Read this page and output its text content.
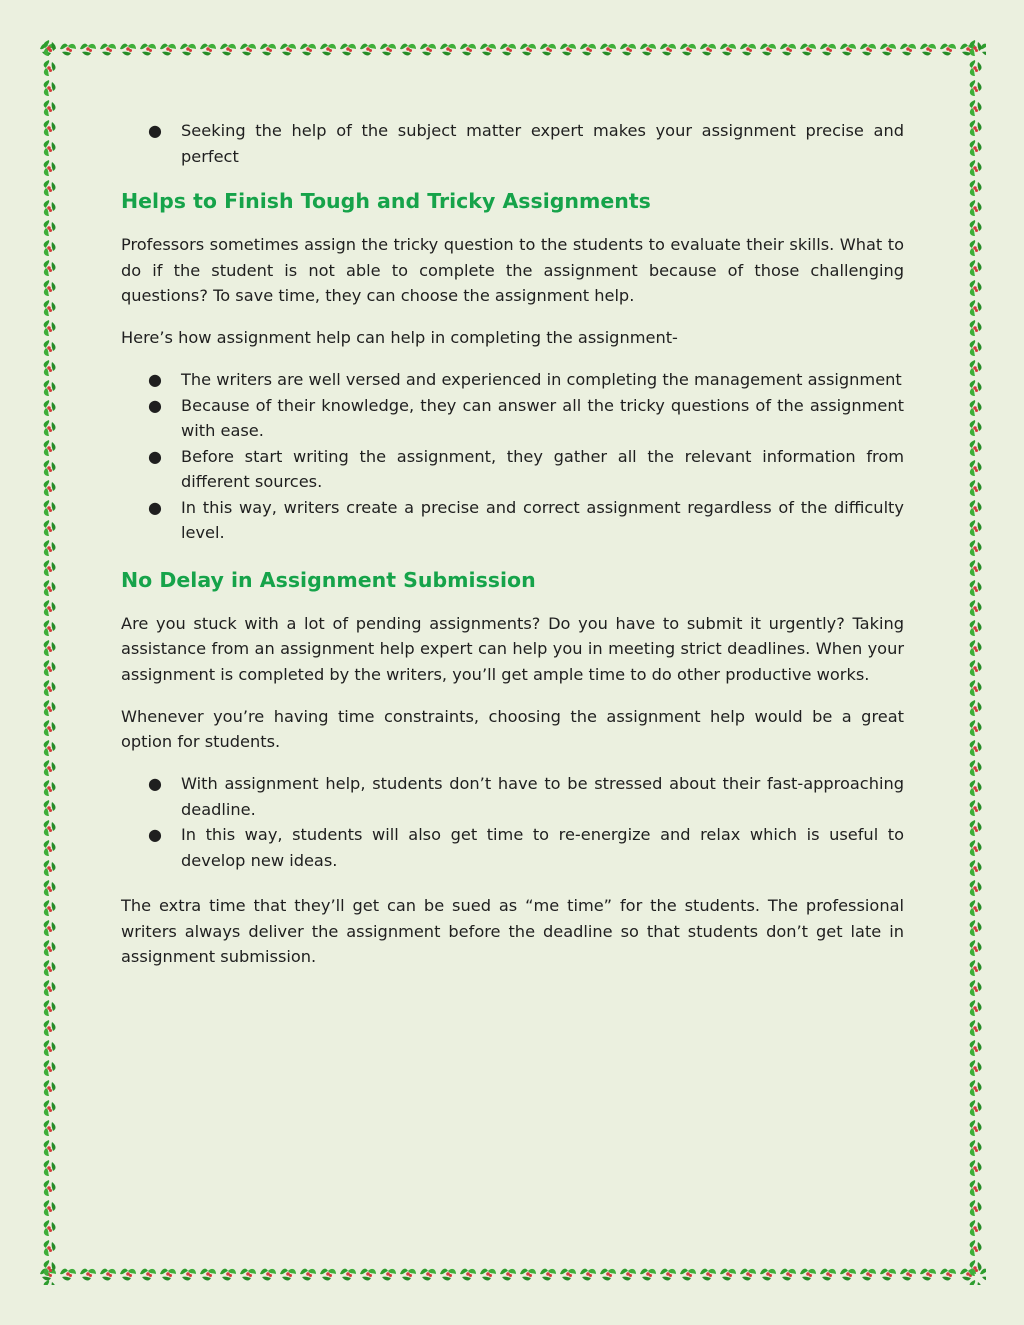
● Seeking the help of the subject matter expert makes your assignment precise and perfect
Helps to Finish Tough and Tricky Assignments

Professors sometimes assign the tricky question to the students to evaluate their skills. What to do if the student is not able to complete the assignment because of those challenging questions? To save time, they can choose the assignment help.

Here’s how assignment help can help in completing the assignment-

● The writers are well versed and experienced in completing the management assignment
● Because of their knowledge, they can answer all the tricky questions of the assignment with ease.
● Before start writing the assignment, they gather all the relevant information from different sources.
● In this way, writers create a precise and correct assignment regardless of the difficulty level.
No Delay in Assignment Submission

Are you stuck with a lot of pending assignments? Do you have to submit it urgently? Taking assistance from an assignment help expert can help you in meeting strict deadlines. When your assignment is completed by the writers, you’ll get ample time to do other productive works.

Whenever you’re having time constraints, choosing the assignment help would be a great option for students.

● With assignment help, students don’t have to be stressed about their fast-approaching deadline.
● In this way, students will also get time to re-energize and relax which is useful to develop new ideas.

The extra time that they’ll get can be sued as “me time” for the students. The professional writers always deliver the assignment before the deadline so that students don’t get late in assignment submission.
